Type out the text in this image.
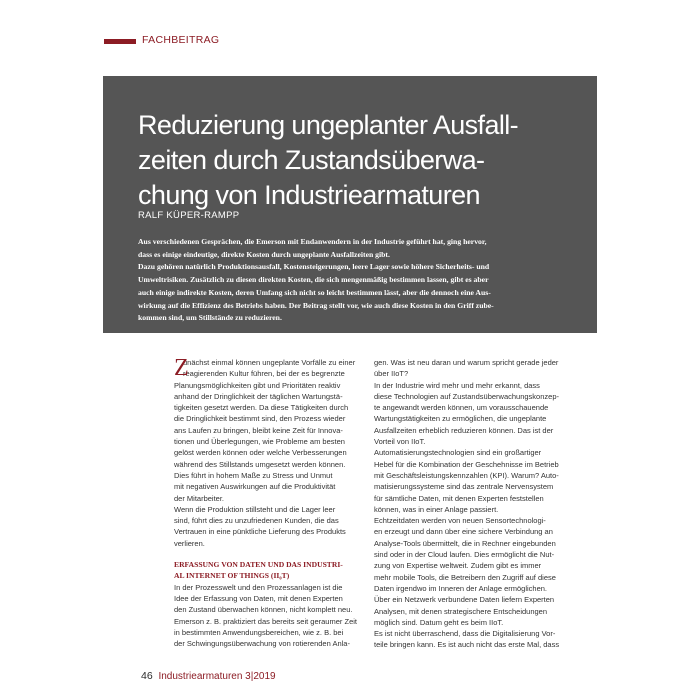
FACHBEITRAG
Reduzierung ungeplanter Ausfall-
zeiten durch Zustandsüberwa-
chung von Industriearmaturen
RALF KÜPER-RAMPP
Aus verschiedenen Gesprächen, die Emerson mit Endanwendern in der Industrie geführt hat, ging hervor,
dass es einige eindeutige, direkte Kosten durch ungeplante Ausfallzeiten gibt.
Dazu gehören natürlich Produktionsausfall, Kostensteigerungen, leere Lager sowie höhere Sicherheits- und
Umweltrisiken. Zusätzlich zu diesen direkten Kosten, die sich mengenmäßig bestimmen lassen, gibt es aber
auch einige indirekte Kosten, deren Umfang sich nicht so leicht bestimmen lässt, aber die dennoch eine Aus-
wirkung auf die Effizienz des Betriebs haben. Der Beitrag stellt vor, wie auch diese Kosten in den Griff zube-
kommen sind, um Stillstände zu reduzieren.
Z
unächst einmal können ungeplante Vorfälle zu einer
reagierenden Kultur führen, bei der es begrenzte
Planungsmöglichkeiten gibt und Prioritäten reaktiv
anhand der Dringlichkeit der täglichen Wartungstä-
tigkeiten gesetzt werden. Da diese Tätigkeiten durch
die Dringlichkeit bestimmt sind, den Prozess wieder
ans Laufen zu bringen, bleibt keine Zeit für Innova-
tionen und Überlegungen, wie Probleme am besten
gelöst werden können oder welche Verbesserungen
während des Stillstands umgesetzt werden können.
Dies führt in hohem Maße zu Stress und Unmut
mit negativen Auswirkungen auf die Produktivität
der Mitarbeiter.
Wenn die Produktion stillsteht und die Lager leer
sind, führt dies zu unzufriedenen Kunden, die das
Vertrauen in eine pünktliche Lieferung des Produkts
verlieren.
ERFASSUNG VON DATEN UND DAS INDUSTRI-
AL INTERNET OF THINGS (II₀T)
In der Prozesswelt und den Prozessanlagen ist die
Idee der Erfassung von Daten, mit denen Experten
den Zustand überwachen können, nicht komplett neu.
Emerson z. B. praktiziert das bereits seit geraumer Zeit
in bestimmten Anwendungsbereichen, wie z. B. bei
der Schwingungsüberwachung von rotierenden Anla-
gen. Was ist neu daran und warum spricht gerade jeder
über IIoT?
In der Industrie wird mehr und mehr erkannt, dass
diese Technologien auf Zustandsüberwachungskonzep-
te angewandt werden können, um vorausschauende
Wartungstätigkeiten zu ermöglichen, die ungeplante
Ausfallzeiten erheblich reduzieren können. Das ist der
Vorteil von IIoT.
Automatisierungstechnologien sind ein großartiger
Hebel für die Kombination der Geschehnisse im Betrieb
mit Geschäftsleistungskennzahlen (KPI). Warum? Auto-
matisierungssysteme sind das zentrale Nervensystem
für sämtliche Daten, mit denen Experten feststellen
können, was in einer Anlage passiert.
Echtzeitdaten werden von neuen Sensortechnologi-
en erzeugt und dann über eine sichere Verbindung an
Analyse-Tools übermittelt, die in Rechner eingebunden
sind oder in der Cloud laufen. Dies ermöglicht die Nut-
zung von Expertise weltweit. Zudem gibt es immer
mehr mobile Tools, die Betreibern den Zugriff auf diese
Daten irgendwo im Inneren der Anlage ermöglichen.
Über ein Netzwerk verbundene Daten liefern Experten
Analysen, mit denen strategischere Entscheidungen
möglich sind. Datum geht es beim IIoT.
Es ist nicht überraschend, dass die Digitalisierung Vor-
teile bringen kann. Es ist auch nicht das erste Mal, dass
46 Industriearmaturen 3|2019
